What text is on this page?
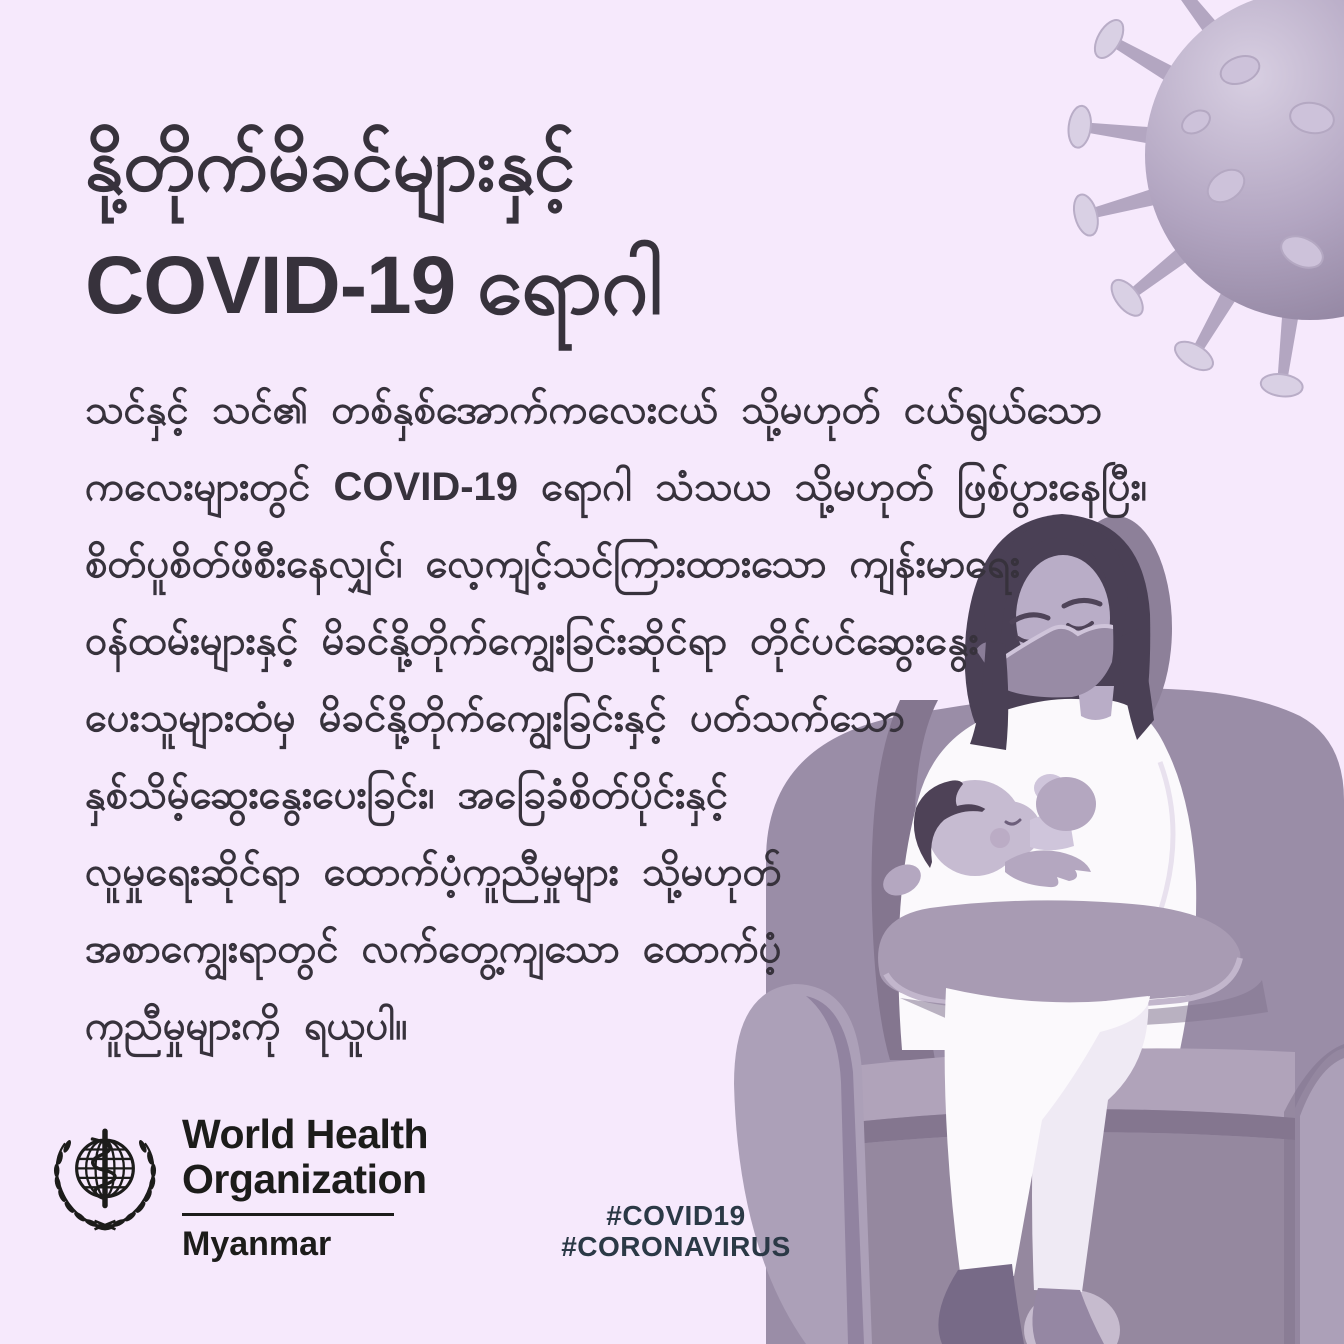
နို့တိုက်မိခင်များနှင့်
COVID-19 ရောဂါ
သင်နှင့် သင်၏ တစ်နှစ်အောက်ကလေးငယ် သို့မဟုတ် ငယ်ရွယ်သော
ကလေးများတွင် COVID-19 ရောဂါ သံသယ သို့မဟုတ် ဖြစ်ပွားနေပြီး၊
စိတ်ပူစိတ်ဖိစီးနေလျှင်၊ လေ့ကျင့်သင်ကြားထားသော ကျန်းမာရေး
ဝန်ထမ်းများနှင့် မိခင်နို့တိုက်ကျွေးခြင်းဆိုင်ရာ တိုင်ပင်ဆွေးနွေး
ပေးသူများထံမှ မိခင်နို့တိုက်ကျွေးခြင်းနှင့် ပတ်သက်သော
နှစ်သိမ့်ဆွေးနွေးပေးခြင်း၊ အခြေခံစိတ်ပိုင်းနှင့်
လူမှုရေးဆိုင်ရာ ထောက်ပံ့ကူညီမှုများ သို့မဟုတ်
အစာကျွေးရာတွင် လက်တွေ့ကျသော ထောက်ပံ့
ကူညီမှုများကို ရယူပါ။
World Health
Organization
Myanmar
#COVID19
#CORONAVIRUS
